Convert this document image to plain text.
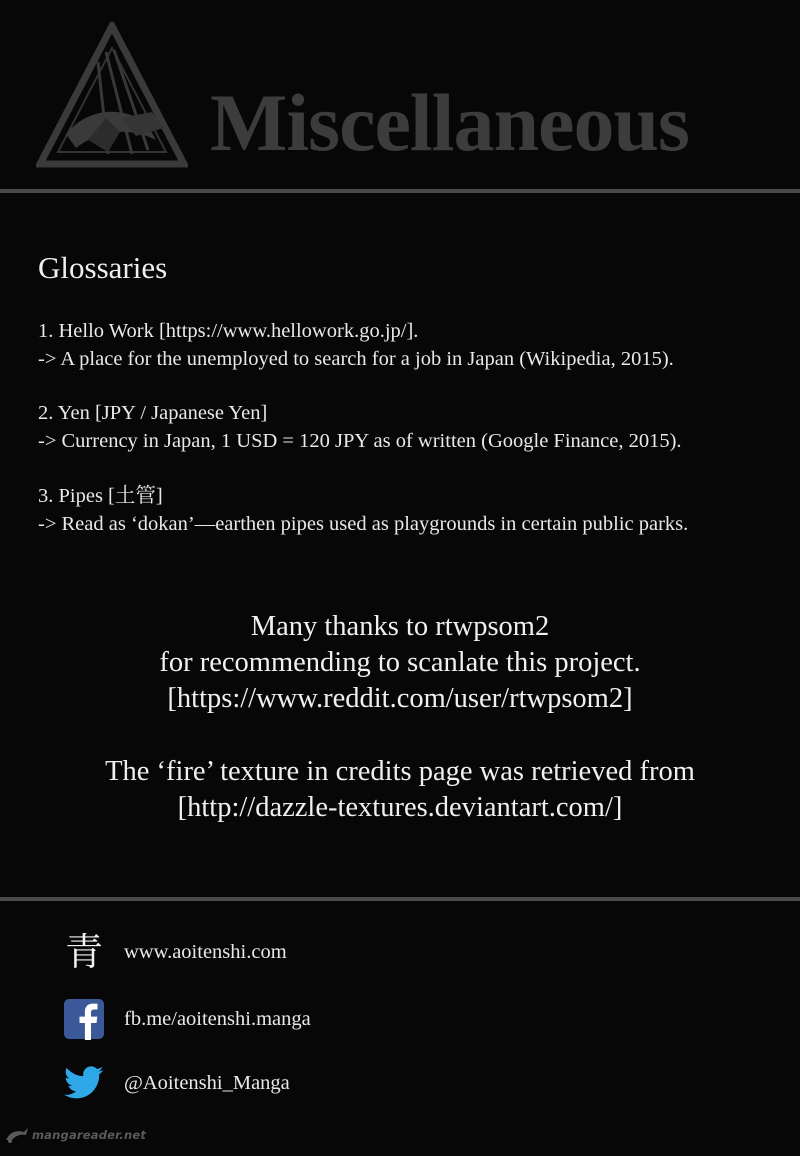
Miscellaneous
Glossaries
1. Hello Work [https://www.hellowork.go.jp/].
-> A place for the unemployed to search for a job in Japan (Wikipedia, 2015).
2. Yen [JPY / Japanese Yen]
-> Currency in Japan, 1 USD = 120 JPY as of written (Google Finance, 2015).
3. Pipes [土管]
-> Read as ‘dokan’—earthen pipes used as playgrounds in certain public parks.
Many thanks to rtwpsom2
for recommending to scanlate this project.
[https://www.reddit.com/user/rtwpsom2]
The ‘fire’ texture in credits page was retrieved from
[http://dazzle-textures.deviantart.com/]
青 www.aoitenshi.com
fb.me/aoitenshi.manga
@Aoitenshi_Manga
mangareader.net
